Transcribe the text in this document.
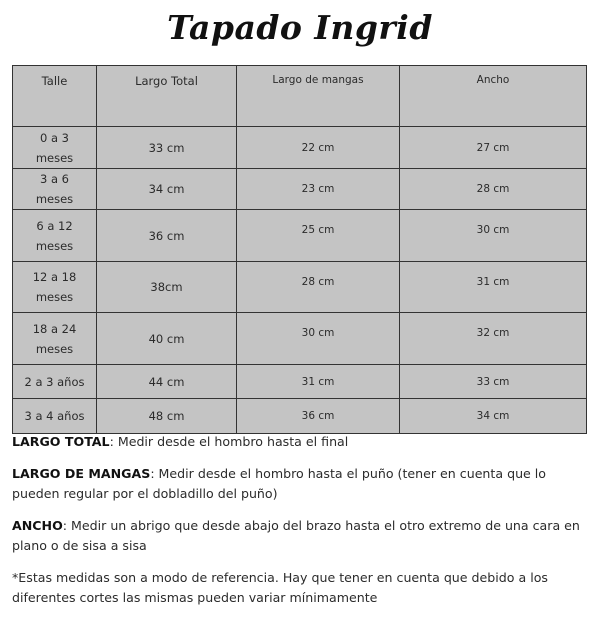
Tapado Ingrid
Talle	Largo Total	Largo de mangas	Ancho
0 a 3 meses	33 cm	22 cm	27 cm
3 a 6 meses	34 cm	23 cm	28 cm
6 a 12 meses	36 cm	25 cm	30 cm
12 a 18 meses	38cm	28 cm	31 cm
18 a 24 meses	40 cm	30 cm	32 cm
2 a 3 años	44 cm	31 cm	33 cm
3 a 4 años	48 cm	36 cm	34 cm

LARGO TOTAL: Medir desde el hombro hasta el final

LARGO DE MANGAS: Medir desde el hombro hasta el puño (tener en cuenta que lo pueden regular por el dobladillo del puño)

ANCHO: Medir un abrigo que desde abajo del brazo hasta el otro extremo de una cara en plano o de sisa a sisa

*Estas medidas son a modo de referencia. Hay que tener en cuenta que debido a los diferentes cortes las mismas pueden variar mínimamente
